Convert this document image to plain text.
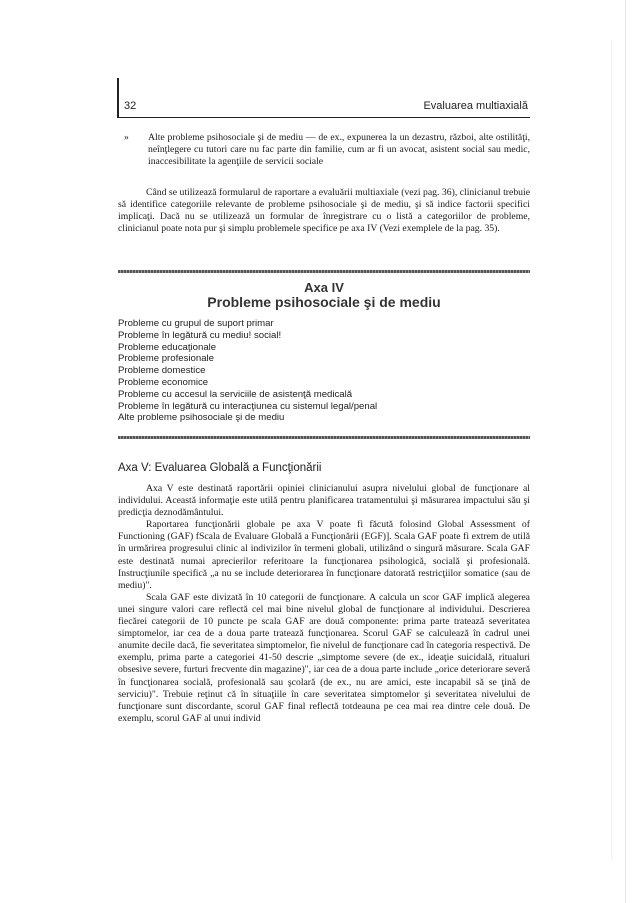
32	Evaluarea multiaxială
» Alte probleme psihosociale şi de mediu — de ex., expunerea la un dezastru, război, alte ostilităţi, neînţlegere cu tutori care nu fac parte din familie, cum ar fi un avocat, asistent social sau medic, inaccesibilitate la agenţiile de servicii sociale
Când se utilizează formularul de raportare a evaluării multiaxiale (vezi pag. 36), clinicianul trebuie să identifice categoriile relevante de probleme psihosociale şi de mediu, şi să indice factorii specifici implicaţi. Dacă nu se utilizează un formular de înregistrare cu o listă a categoriilor de probleme, clinicianul poate nota pur şi simplu problemele specifice pe axa IV (Vezi exemplele de la pag. 35).
Axa IV
Probleme psihosociale şi de mediu
Probleme cu grupul de suport primar
Probleme în legătură cu mediu! social!
Probleme educaţionale
Probleme profesionale
Probleme domestice
Probleme economice
Probleme cu accesul la serviciile de asistenţă medicală
Probleme în legătură cu interacţiunea cu sistemul legal/penal
Alte probleme psihosociale şi de mediu
Axa V: Evaluarea Globală a Funcţionării
Axa V este destinată raportării opiniei clinicianului asupra nivelului global de funcţionare al individului. Această informaţie este utilă pentru planificarea tratamentului şi măsurarea impactului său şi predicţia deznodământului.
Raportarea funcţionării globale pe axa V poate fi făcută folosind Global Assessment of Functioning (GAF) fScala de Evaluare Globală a Funcţionării (EGF)]. Scala GAF poate fi extrem de utilă în urmărirea progresului clinic al indivizilor în termeni globali, utilizând o singură măsurare. Scala GAF este destinată numai aprecierilor referitoare la funcţionarea psihologică, socială şi profesională. Instrucţiunile specifică „a nu se include deteriorarea în funcţionare datorată restricţiilor somatice (sau de mediu)".
Scala GAF este divizată în 10 categorii de funcţionare. A calcula un scor GAF implică alegerea unei singure valori care reflectă cel mai bine nivelul global de funcţionare al individului. Descrierea fiecărei categorii de 10 puncte pe scala GAF are două componente: prima parte tratează severitatea simptomelor, iar cea de a doua parte tratează funcţionarea. Scorul GAF se calculează în cadrul unei anumite decile dacă, fie severitatea simptomelor, fie nivelul de funcţionare cad în categoria respectivă. De exemplu, prima parte a categoriei 41-50 descrie „simptome severe (de ex., ideaţie suicidală, ritualuri obsesive severe, furturi frecvente din magazine)", iar cea de a doua parte include „orice deteriorare severă în funcţionarea socială, profesională sau şcolară (de ex., nu are amici, este incapabil să se ţină de serviciu)". Trebuie reţinut că în situaţiile în care severitatea simptomelor şi severitatea nivelului de funcţionare sunt discordante, scorul GAF final reflectă totdeauna pe cea mai rea dintre cele două. De exemplu, scorul GAF al unui individ
